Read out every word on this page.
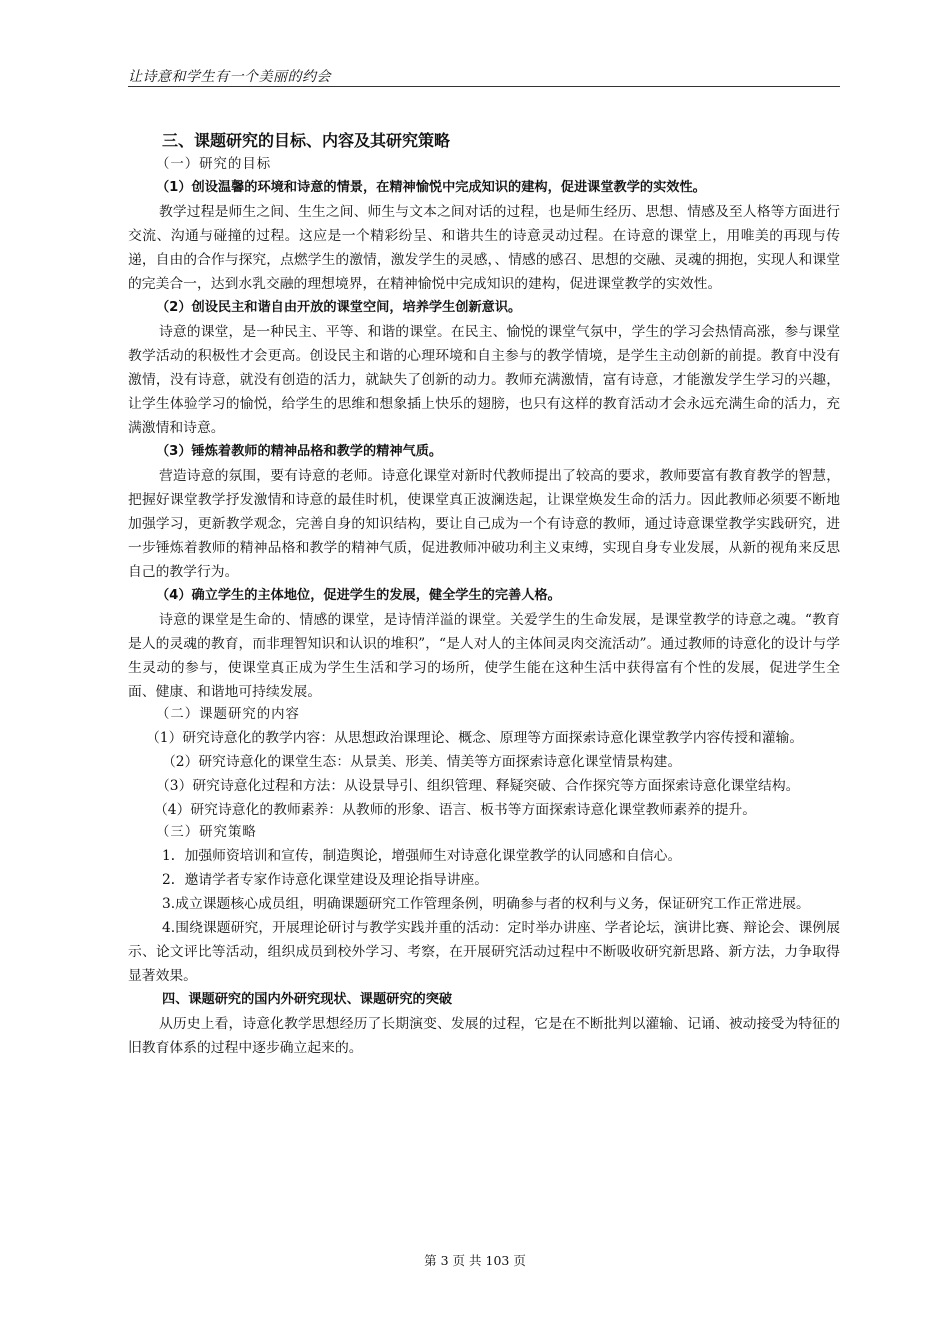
让诗意和学生有一个美丽的约会
三、课题研究的目标、内容及其研究策略
（一）研究的目标
（1）创设温馨的环境和诗意的情景，在精神愉悦中完成知识的建构，促进课堂教学的实效性。

教学过程是师生之间、生生之间、师生与文本之间对话的过程，也是师生经历、思想、情感及至人格等方面进行交流、沟通与碰撞的过程。这应是一个精彩纷呈、和谐共生的诗意灵动过程。在诗意的课堂上，用唯美的再现与传递，自由的合作与探究，点燃学生的激情，激发学生的灵感，、情感的感召、思想的交融、灵魂的拥抱，实现人和课堂的完美合一，达到水乳交融的理想境界，在精神愉悦中完成知识的建构，促进课堂教学的实效性。

（2）创设民主和谐自由开放的课堂空间，培养学生创新意识。

诗意的课堂，是一种民主、平等、和谐的课堂。在民主、愉悦的课堂气氛中，学生的学习会热情高涨，参与课堂教学活动的积极性才会更高。创设民主和谐的心理环境和自主参与的教学情境，是学生主动创新的前提。教育中没有激情，没有诗意，就没有创造的活力，就缺失了创新的动力。教师充满激情，富有诗意，才能激发学生学习的兴趣，让学生体验学习的愉悦，给学生的思维和想象插上快乐的翅膀，也只有这样的教育活动才会永远充满生命的活力，充满激情和诗意。

（3）锤炼着教师的精神品格和教学的精神气质。

营造诗意的氛围，要有诗意的老师。诗意化课堂对新时代教师提出了较高的要求，教师要富有教育教学的智慧，把握好课堂教学抒发激情和诗意的最佳时机，使课堂真正波澜迭起，让课堂焕发生命的活力。因此教师必须要不断地加强学习，更新教学观念，完善自身的知识结构，要让自己成为一个有诗意的教师，通过诗意课堂教学实践研究，进一步锤炼着教师的精神品格和教学的精神气质，促进教师冲破功利主义束缚，实现自身专业发展，从新的视角来反思自己的教学行为。

（4）确立学生的主体地位，促进学生的发展，健全学生的完善人格。

诗意的课堂是生命的、情感的课堂，是诗情洋溢的课堂。关爱学生的生命发展，是课堂教学的诗意之魂。“教育是人的灵魂的教育，而非理智知识和认识的堆积”，“是人对人的主体间灵肉交流活动”。通过教师的诗意化的设计与学生灵动的参与，使课堂真正成为学生生活和学习的场所，使学生能在这种生活中获得富有个性的发展，促进学生全面、健康、和谐地可持续发展。

（二）课题研究的内容

（1）研究诗意化的教学内容：从思想政治课理论、概念、原理等方面探索诗意化课堂教学内容传授和灌输。

（2）研究诗意化的课堂生态：从景美、形美、情美等方面探索诗意化课堂情景构建。

（3）研究诗意化过程和方法：从设景导引、组织管理、释疑突破、合作探究等方面探索诗意化课堂结构。

（4）研究诗意化的教师素养：从教师的形象、语言、板书等方面探索诗意化课堂教师素养的提升。

（三）研究策略

1．加强师资培训和宣传，制造舆论，增强师生对诗意化课堂教学的认同感和自信心。

2．邀请学者专家作诗意化课堂建设及理论指导讲座。

3.成立课题核心成员组，明确课题研究工作管理条例，明确参与者的权利与义务，保证研究工作正常进展。

4.围绕课题研究，开展理论研讨与教学实践并重的活动：定时举办讲座、学者论坛，演讲比赛、辩论会、课例展示、论文评比等活动，组织成员到校外学习、考察，在开展研究活动过程中不断吸收研究新思路、新方法，力争取得显著效果。

四、课题研究的国内外研究现状、课题研究的突破

从历史上看，诗意化教学思想经历了长期演变、发展的过程，它是在不断批判以灌输、记诵、被动接受为特征的旧教育体系的过程中逐步确立起来的。

第 3 页 共 103 页
